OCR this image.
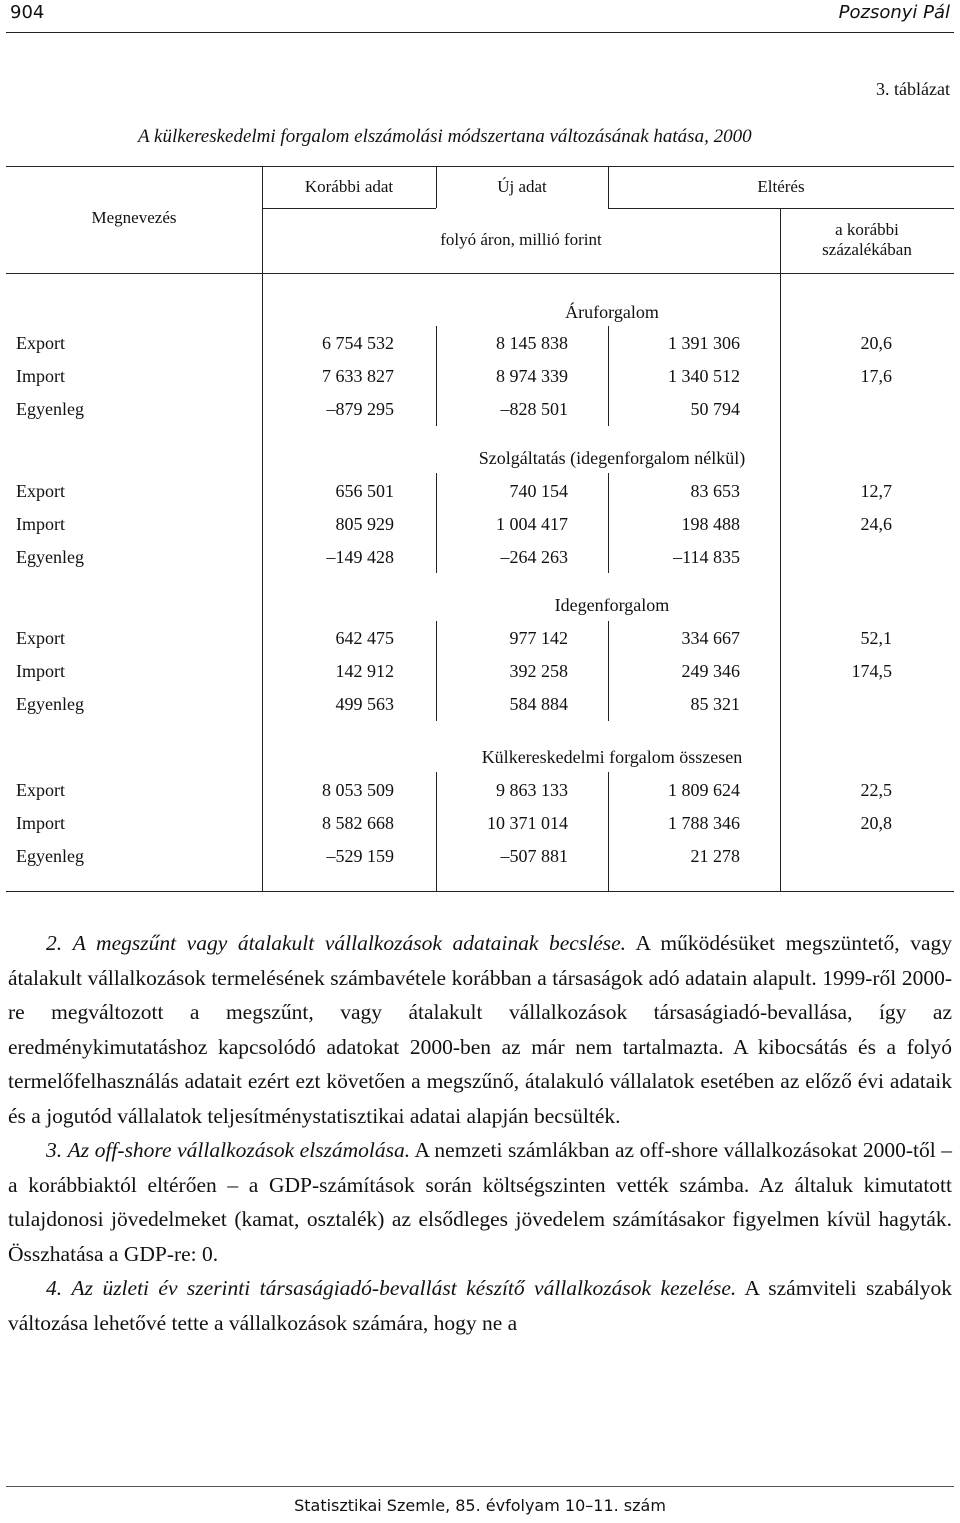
904	Pozsonyi Pál
3. táblázat
A külkereskedelmi forgalom elszámolási módszertana változásának hatása, 2000
Megnevezés
Korábbi adat	Új adat	Eltérés
folyó áron, millió forint
a korábbi százalékában
Áruforgalom
Export	6 754 532	8 145 838	1 391 306	20,6
Import	7 633 827	8 974 339	1 340 512	17,6
Egyenleg	–879 295	–828 501	50 794
Szolgáltatás (idegenforgalom nélkül)
Export	656 501	740 154	83 653	12,7
Import	805 929	1 004 417	198 488	24,6
Egyenleg	–149 428	–264 263	–114 835
Idegenforgalom
Export	642 475	977 142	334 667	52,1
Import	142 912	392 258	249 346	174,5
Egyenleg	499 563	584 884	85 321
Külkereskedelmi forgalom összesen
Export	8 053 509	9 863 133	1 809 624	22,5
Import	8 582 668	10 371 014	1 788 346	20,8
Egyenleg	–529 159	–507 881	21 278

2. A megszűnt vagy átalakult vállalkozások adatainak becslése. A működésüket megszüntető, vagy átalakult vállalkozások termelésének számbavétele korábban a társaságok adó adatain alapult. 1999-ről 2000-re megváltozott a megszűnt, vagy átalakult vállalkozások társaságiadó-bevallása, így az eredménykimutatáshoz kapcsolódó adatokat 2000-ben az már nem tartalmazta. A kibocsátás és a folyó termelőfelhasználás adatait ezért ezt követően a megszűnő, átalakuló vállalatok esetében az előző évi adataik és a jogutód vállalatok teljesítménystatisztikai adatai alapján becsülték.

3. Az off-shore vállalkozások elszámolása. A nemzeti számlákban az off-shore vállalkozásokat 2000-től – a korábbiaktól eltérően – a GDP-számítások során költségszinten vették számba. Az általuk kimutatott tulajdonosi jövedelmeket (kamat, osztalék) az elsődleges jövedelem számításakor figyelmen kívül hagyták. Összhatása a GDP-re: 0.

4. Az üzleti év szerinti társaságiadó-bevallást készítő vállalkozások kezelése. A számviteli szabályok változása lehetővé tette a vállalkozások számára, hogy ne a

Statisztikai Szemle, 85. évfolyam 10–11. szám
